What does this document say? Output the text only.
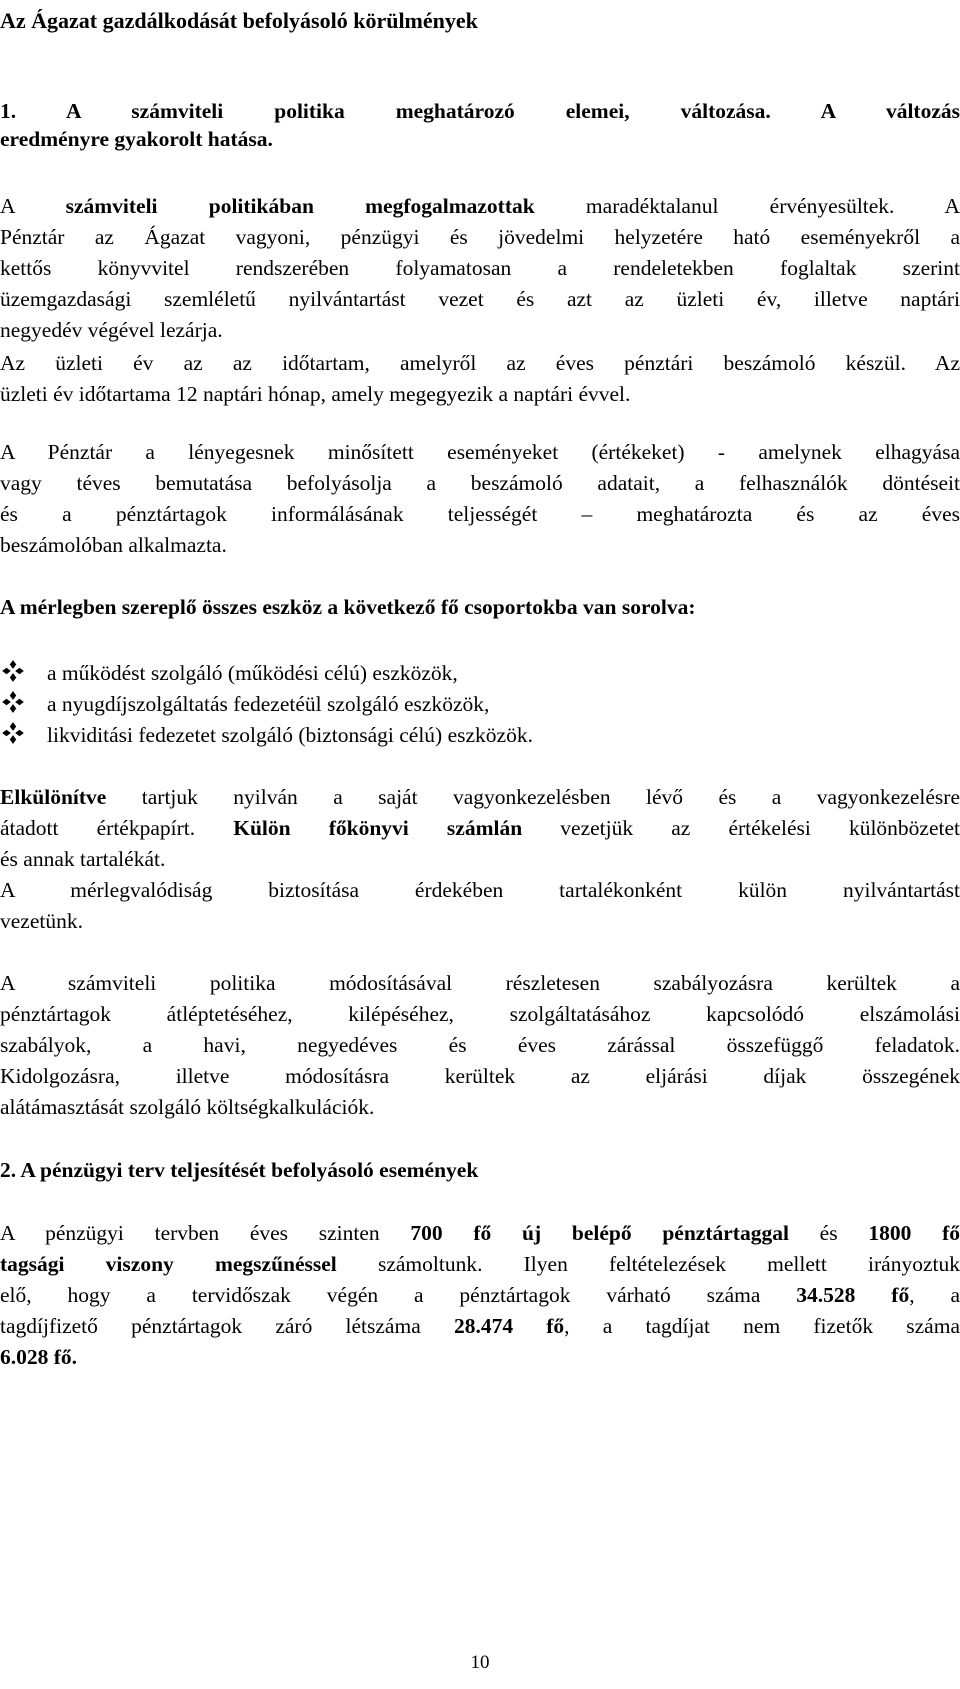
Az Ágazat gazdálkodását befolyásoló körülmények
1.  A  számviteli  politika  meghatározó  elemei,  változása.  A  változás
eredményre gyakorolt hatása.
A számviteli politikában megfogalmazottak maradéktalanul érvényesültek. A
Pénztár az Ágazat vagyoni, pénzügyi és jövedelmi helyzetére ható eseményekről a
kettős könyvvitel rendszerében folyamatosan a rendeletekben foglaltak szerint
üzemgazdasági szemléletű nyilvántartást vezet és azt az üzleti év, illetve naptári
negyedév végével lezárja.
Az üzleti év az az időtartam, amelyről az éves pénztári beszámoló készül. Az
üzleti év időtartama 12 naptári hónap, amely megegyezik a naptári évvel.
A Pénztár a lényegesnek minősített eseményeket (értékeket) - amelynek elhagyása
vagy téves bemutatása befolyásolja a beszámoló adatait, a felhasználók döntéseit
és a pénztártagok informálásának teljességét – meghatározta és az éves
beszámolóban alkalmazta.
A mérlegben szereplő összes eszköz a következő fő csoportokba van sorolva:
a működést szolgáló (működési célú) eszközök,
a nyugdíjszolgáltatás fedezetéül szolgáló eszközök,
likviditási fedezetet szolgáló (biztonsági célú) eszközök.
Elkülönítve tartjuk nyilván a saját vagyonkezelésben lévő és a vagyonkezelésre
átadott értékpapírt. Külön főkönyvi számlán vezetjük az értékelési különbözetet
és annak tartalékát.
A mérlegvalódiság biztosítása érdekében tartalékonként külön nyilvántartást
vezetünk.
A számviteli politika módosításával részletesen szabályozásra kerültek a
pénztártagok átléptetéséhez, kilépéséhez, szolgáltatásához kapcsolódó elszámolási
szabályok, a havi, negyedéves és éves zárással összefüggő feladatok.
Kidolgozásra, illetve módosításra kerültek az eljárási díjak összegének
alátámasztását szolgáló költségkalkulációk.
2. A pénzügyi terv teljesítését befolyásoló események
A pénzügyi tervben éves szinten 700 fő új belépő pénztártaggal és 1800 fő
tagsági viszony megszűnéssel számoltunk. Ilyen feltételezések mellett irányoztuk
elő, hogy a tervidőszak végén a pénztártagok várható száma 34.528 fő, a
tagdíjfizető pénztártagok záró létszáma 28.474 fő, a tagdíjat nem fizetők száma
6.028 fő.
10
